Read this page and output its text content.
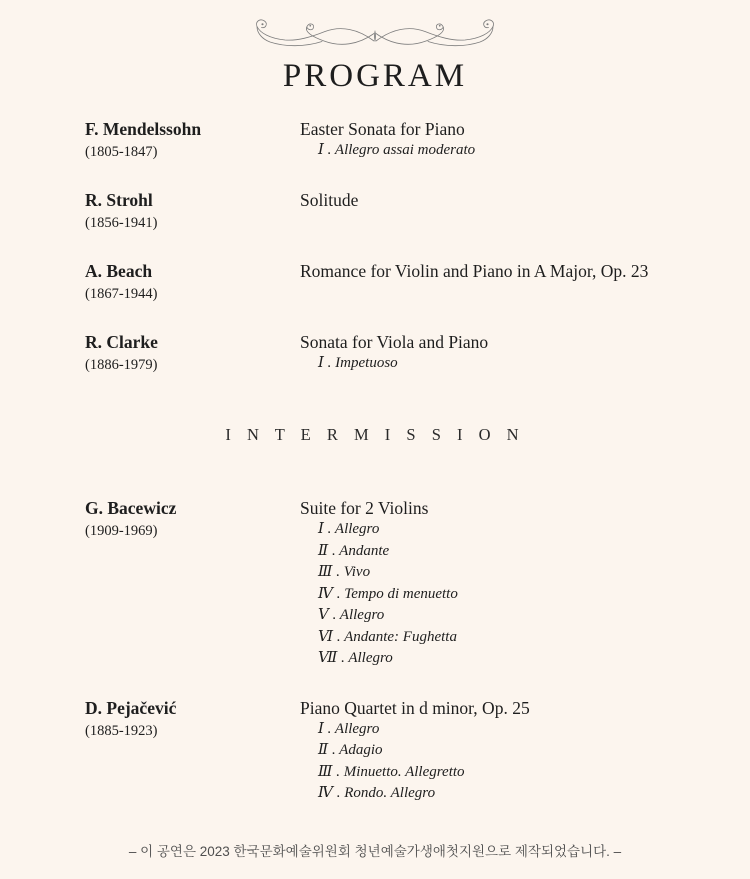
PROGRAM
F. Mendelssohn
(1805-1847)
Easter Sonata for Piano
Ⅰ . Allegro assai moderato
R. Strohl
(1856-1941)
Solitude
A. Beach
(1867-1944)
Romance for Violin and Piano in A Major, Op. 23
R. Clarke
(1886-1979)
Sonata for Viola and Piano
Ⅰ . Impetuoso
I N T E R M I S S I O N
G. Bacewicz
(1909-1969)
Suite for 2 Violins
Ⅰ . Allegro
Ⅱ . Andante
Ⅲ . Vivo
Ⅳ . Tempo di menuetto
Ⅴ . Allegro
Ⅵ . Andante: Fughetta
Ⅶ . Allegro
D. Pejačević
(1885-1923)
Piano Quartet in d minor, Op. 25
Ⅰ . Allegro
Ⅱ . Adagio
Ⅲ . Minuetto. Allegretto
Ⅳ . Rondo. Allegro
– 이 공연은 2023 한국문화예술위원회 청년예술가생애첫지원으로 제작되었습니다. –
